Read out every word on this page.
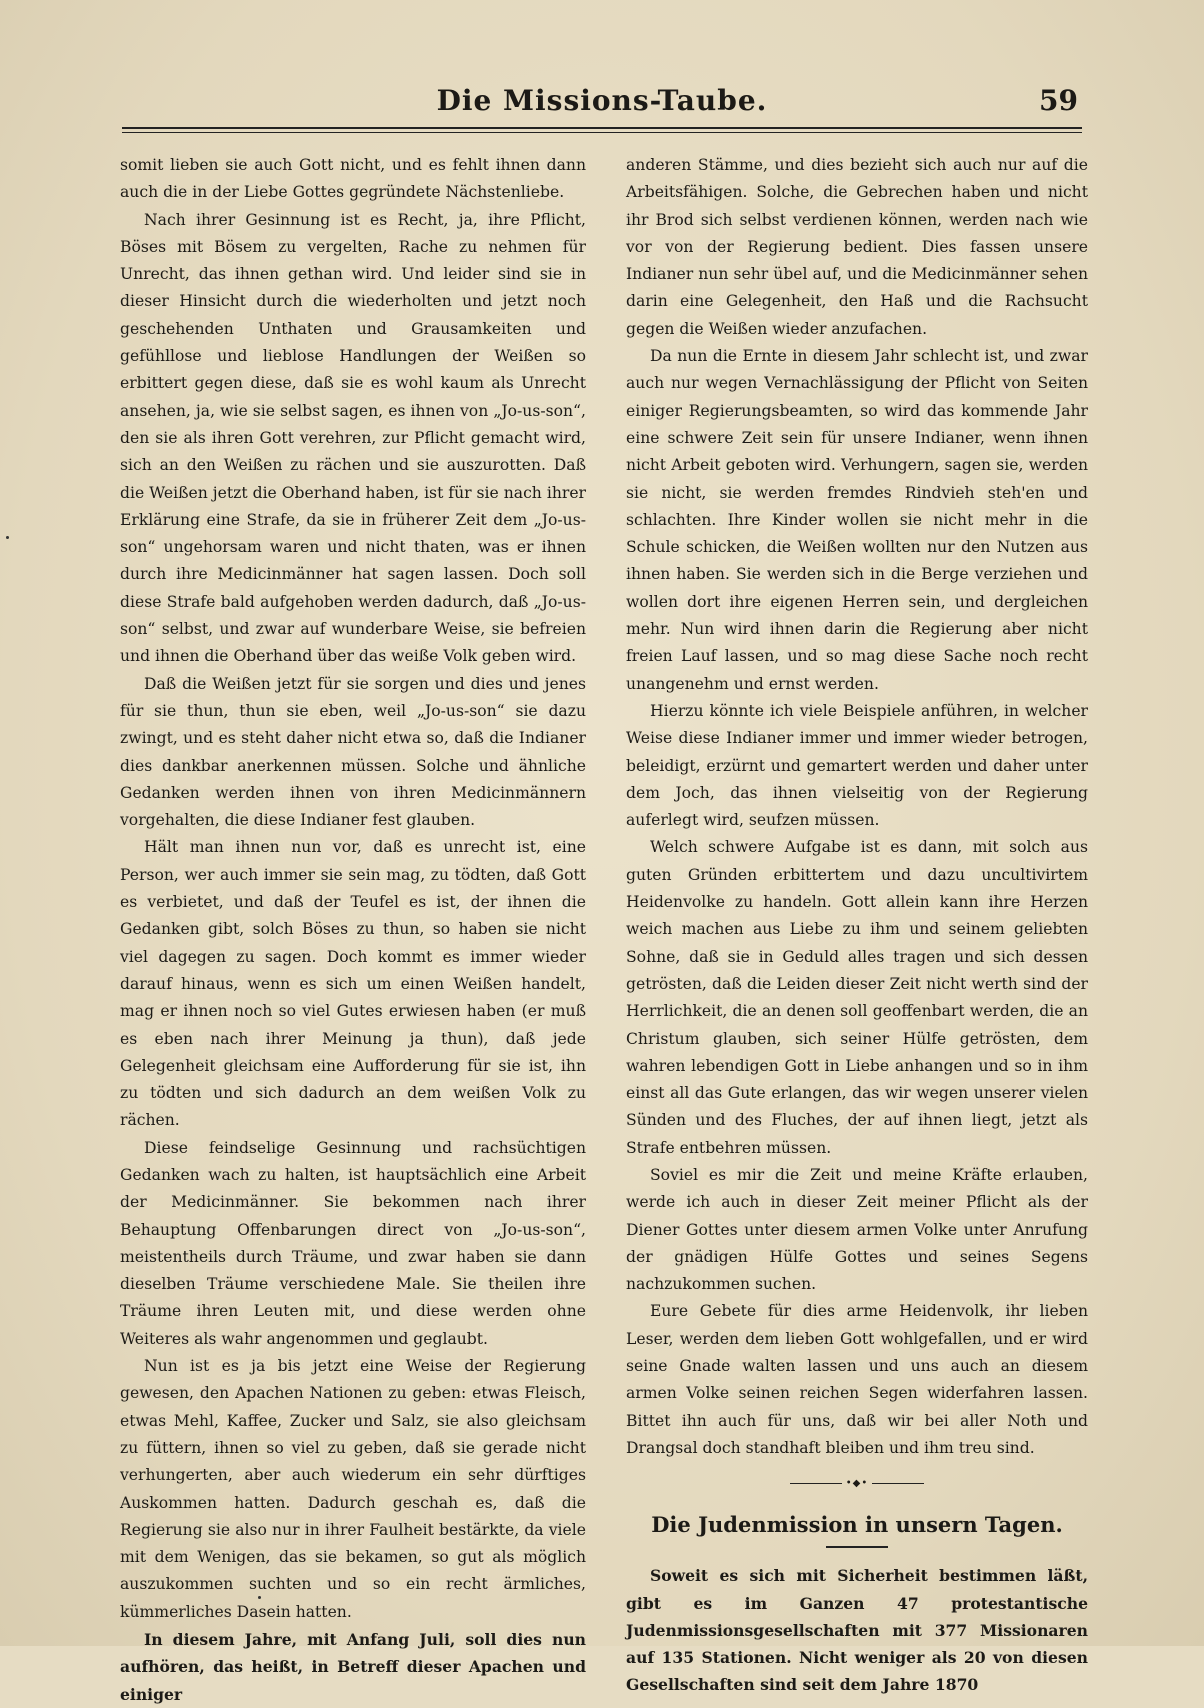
Die Missions-Taube.	59

somit lieben sie auch Gott nicht, und es fehlt ihnen dann auch die in der Liebe Gottes gegründete Nächstenliebe.

Nach ihrer Gesinnung ist es Recht, ja, ihre Pflicht, Böses mit Bösem zu vergelten, Rache zu nehmen für Unrecht, das ihnen gethan wird. Und leider sind sie in dieser Hinsicht durch die wiederholten und jetzt noch geschehenden Unthaten und Grausamkeiten und gefühllose und lieblose Handlungen der Weißen so erbittert gegen diese, daß sie es wohl kaum als Unrecht ansehen, ja, wie sie selbst sagen, es ihnen von „Jo-us-son“, den sie als ihren Gott verehren, zur Pflicht gemacht wird, sich an den Weißen zu rächen und sie auszurotten. Daß die Weißen jetzt die Oberhand haben, ist für sie nach ihrer Erklärung eine Strafe, da sie in früherer Zeit dem „Jo-us-son“ ungehorsam waren und nicht thaten, was er ihnen durch ihre Medicinmänner hat sagen lassen. Doch soll diese Strafe bald aufgehoben werden dadurch, daß „Jo-us-son“ selbst, und zwar auf wunderbare Weise, sie befreien und ihnen die Oberhand über das weiße Volk geben wird.

Daß die Weißen jetzt für sie sorgen und dies und jenes für sie thun, thun sie eben, weil „Jo-us-son“ sie dazu zwingt, und es steht daher nicht etwa so, daß die Indianer dies dankbar anerkennen müssen. Solche und ähnliche Gedanken werden ihnen von ihren Medicinmännern vorgehalten, die diese Indianer fest glauben.

Hält man ihnen nun vor, daß es unrecht ist, eine Person, wer auch immer sie sein mag, zu tödten, daß Gott es verbietet, und daß der Teufel es ist, der ihnen die Gedanken gibt, solch Böses zu thun, so haben sie nicht viel dagegen zu sagen. Doch kommt es immer wieder darauf hinaus, wenn es sich um einen Weißen handelt, mag er ihnen noch so viel Gutes erwiesen haben (er muß es eben nach ihrer Meinung ja thun), daß jede Gelegenheit gleichsam eine Aufforderung für sie ist, ihn zu tödten und sich dadurch an dem weißen Volk zu rächen.

Diese feindselige Gesinnung und rachsüchtigen Gedanken wach zu halten, ist hauptsächlich eine Arbeit der Medicinmänner. Sie bekommen nach ihrer Behauptung Offenbarungen direct von „Jo-us-son“, meistentheils durch Träume, und zwar haben sie dann dieselben Träume verschiedene Male. Sie theilen ihre Träume ihren Leuten mit, und diese werden ohne Weiteres als wahr angenommen und geglaubt.

Nun ist es ja bis jetzt eine Weise der Regierung gewesen, den Apachen Nationen zu geben: etwas Fleisch, etwas Mehl, Kaffee, Zucker und Salz, sie also gleichsam zu füttern, ihnen so viel zu geben, daß sie gerade nicht verhungerten, aber auch wiederum ein sehr dürftiges Auskommen hatten. Dadurch geschah es, daß die Regierung sie also nur in ihrer Faulheit bestärkte, da viele mit dem Wenigen, das sie bekamen, so gut als möglich auszukommen suchten und so ein recht ärmliches, kümmerliches Dasein hatten.

In diesem Jahre, mit Anfang Juli, soll dies nun aufhören, das heißt, in Betreff dieser Apachen und einiger

anderen Stämme, und dies bezieht sich auch nur auf die Arbeitsfähigen. Solche, die Gebrechen haben und nicht ihr Brod sich selbst verdienen können, werden nach wie vor von der Regierung bedient. Dies fassen unsere Indianer nun sehr übel auf, und die Medicinmänner sehen darin eine Gelegenheit, den Haß und die Rachsucht gegen die Weißen wieder anzufachen.

Da nun die Ernte in diesem Jahr schlecht ist, und zwar auch nur wegen Vernachlässigung der Pflicht von Seiten einiger Regierungsbeamten, so wird das kommende Jahr eine schwere Zeit sein für unsere Indianer, wenn ihnen nicht Arbeit geboten wird. Verhungern, sagen sie, werden sie nicht, sie werden fremdes Rindvieh steh'en und schlachten. Ihre Kinder wollen sie nicht mehr in die Schule schicken, die Weißen wollten nur den Nutzen aus ihnen haben. Sie werden sich in die Berge verziehen und wollen dort ihre eigenen Herren sein, und dergleichen mehr. Nun wird ihnen darin die Regierung aber nicht freien Lauf lassen, und so mag diese Sache noch recht unangenehm und ernst werden.

Hierzu könnte ich viele Beispiele anführen, in welcher Weise diese Indianer immer und immer wieder betrogen, beleidigt, erzürnt und gemartert werden und daher unter dem Joch, das ihnen vielseitig von der Regierung auferlegt wird, seufzen müssen.

Welch schwere Aufgabe ist es dann, mit solch aus guten Gründen erbittertem und dazu uncultivirtem Heidenvolke zu handeln. Gott allein kann ihre Herzen weich machen aus Liebe zu ihm und seinem geliebten Sohne, daß sie in Geduld alles tragen und sich dessen getrösten, daß die Leiden dieser Zeit nicht werth sind der Herrlichkeit, die an denen soll geoffenbart werden, die an Christum glauben, sich seiner Hülfe getrösten, dem wahren lebendigen Gott in Liebe anhangen und so in ihm einst all das Gute erlangen, das wir wegen unserer vielen Sünden und des Fluches, der auf ihnen liegt, jetzt als Strafe entbehren müssen.

Soviel es mir die Zeit und meine Kräfte erlauben, werde ich auch in dieser Zeit meiner Pflicht als der Diener Gottes unter diesem armen Volke unter Anrufung der gnädigen Hülfe Gottes und seines Segens nachzukommen suchen.

Eure Gebete für dies arme Heidenvolk, ihr lieben Leser, werden dem lieben Gott wohlgefallen, und er wird seine Gnade walten lassen und uns auch an diesem armen Volke seinen reichen Segen widerfahren lassen. Bittet ihn auch für uns, daß wir bei aller Noth und Drangsal doch standhaft bleiben und ihm treu sind.

•◆•
Die Judenmission in unsern Tagen.

Soweit es sich mit Sicherheit bestimmen läßt, gibt es im Ganzen 47 protestantische Judenmissionsgesellschaften mit 377 Missionaren auf 135 Stationen. Nicht weniger als 20 von diesen Gesellschaften sind seit dem Jahre 1870
